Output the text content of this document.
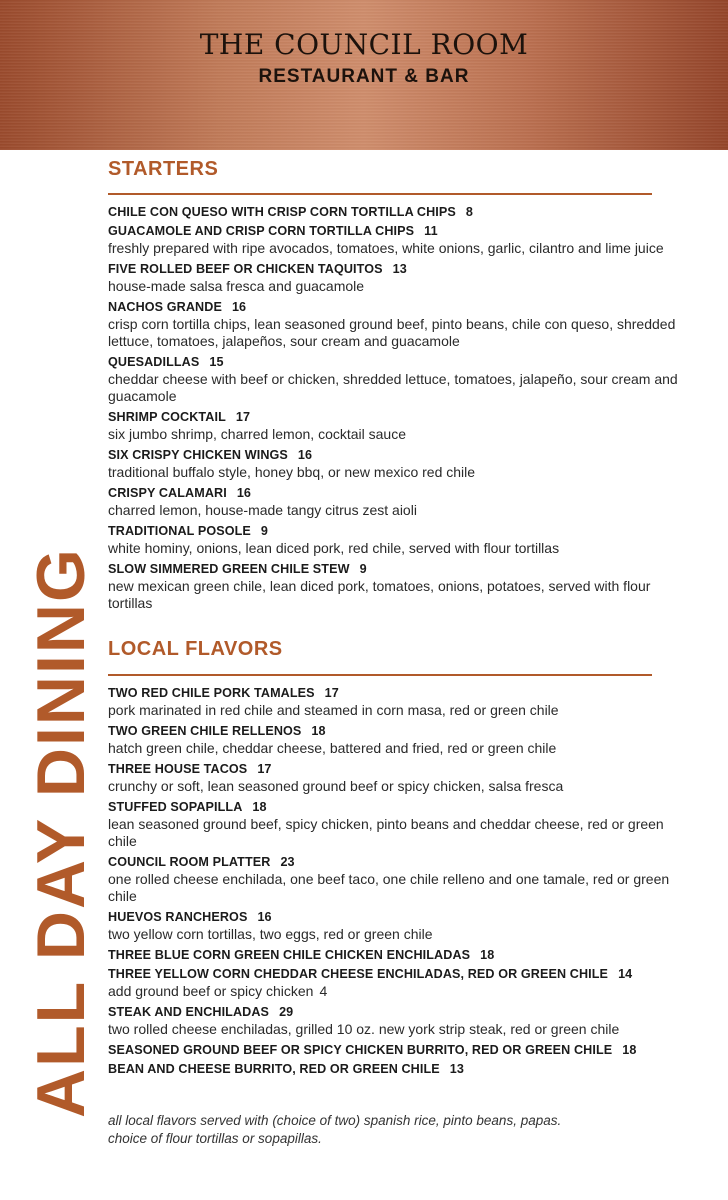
THE COUNCIL ROOM
RESTAURANT & BAR
ALL DAY DINING
STARTERS
CHILE CON QUESO WITH CRISP CORN TORTILLA CHIPS 8
GUACAMOLE AND CRISP CORN TORTILLA CHIPS 11
freshly prepared with ripe avocados, tomatoes, white onions, garlic, cilantro and lime juice
FIVE ROLLED BEEF OR CHICKEN TAQUITOS 13
house-made salsa fresca and guacamole
NACHOS GRANDE 16
crisp corn tortilla chips, lean seasoned ground beef, pinto beans, chile con queso, shredded lettuce, tomatoes, jalapeños, sour cream and guacamole
QUESADILLAS 15
cheddar cheese with beef or chicken, shredded lettuce, tomatoes, jalapeño, sour cream and guacamole
SHRIMP COCKTAIL 17
six jumbo shrimp, charred lemon, cocktail sauce
SIX CRISPY CHICKEN WINGS 16
traditional buffalo style, honey bbq, or new mexico red chile
CRISPY CALAMARI 16
charred lemon, house-made tangy citrus zest aioli
TRADITIONAL POSOLE 9
white hominy, onions, lean diced pork, red chile, served with flour tortillas
SLOW SIMMERED GREEN CHILE STEW 9
new mexican green chile, lean diced pork, tomatoes, onions, potatoes, served with flour tortillas
LOCAL FLAVORS
TWO RED CHILE PORK TAMALES 17
pork marinated in red chile and steamed in corn masa, red or green chile
TWO GREEN CHILE RELLENOS 18
hatch green chile, cheddar cheese, battered and fried, red or green chile
THREE HOUSE TACOS 17
crunchy or soft, lean seasoned ground beef or spicy chicken, salsa fresca
STUFFED SOPAPILLA 18
lean seasoned ground beef, spicy chicken, pinto beans and cheddar cheese, red or green chile
COUNCIL ROOM PLATTER 23
one rolled cheese enchilada, one beef taco, one chile relleno and one tamale, red or green chile
HUEVOS RANCHEROS 16
two yellow corn tortillas, two eggs, red or green chile
THREE BLUE CORN GREEN CHILE CHICKEN ENCHILADAS 18
THREE YELLOW CORN CHEDDAR CHEESE ENCHILADAS, RED OR GREEN CHILE 14
add ground beef or spicy chicken 4
STEAK AND ENCHILADAS 29
two rolled cheese enchiladas, grilled 10 oz. new york strip steak, red or green chile
SEASONED GROUND BEEF OR SPICY CHICKEN BURRITO, RED OR GREEN CHILE 18
BEAN AND CHEESE BURRITO, RED OR GREEN CHILE 13
all local flavors served with (choice of two) spanish rice, pinto beans, papas.
choice of flour tortillas or sopapillas.
